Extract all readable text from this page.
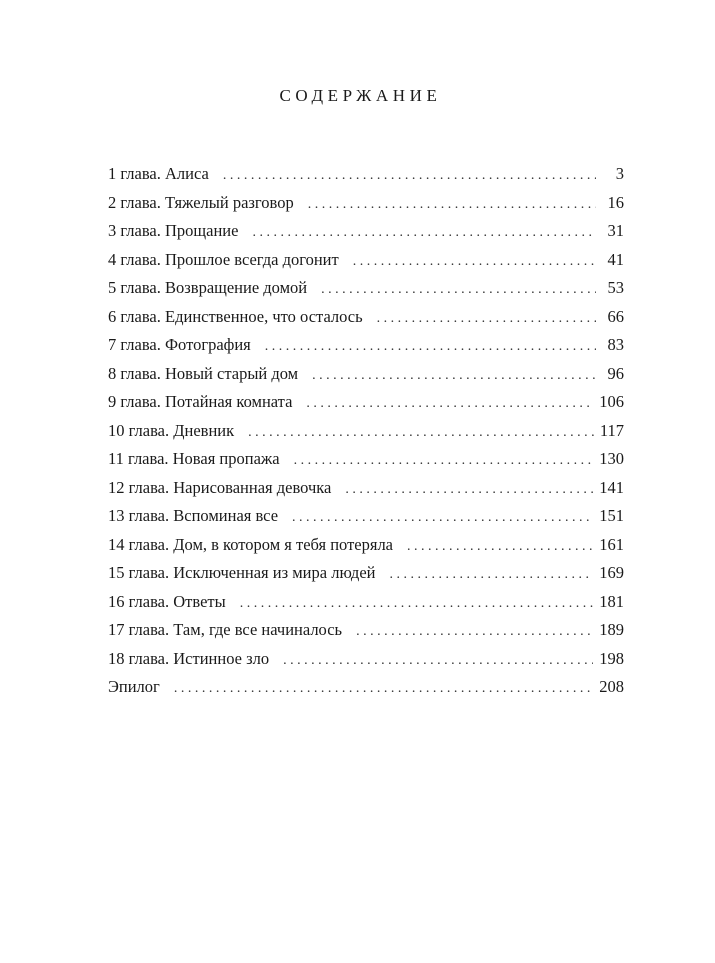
СОДЕРЖАНИЕ
1 глава. Алиса . . .	3
2 глава. Тяжелый разговор . . .	16
3 глава. Прощание . . .	31
4 глава. Прошлое всегда догонит . . .	41
5 глава. Возвращение домой . . .	53
6 глава. Единственное, что осталось . . .	66
7 глава. Фотография . . .	83
8 глава. Новый старый дом . . .	96
9 глава. Потайная комната . . .	106
10 глава. Дневник . . .	117
11 глава. Новая пропажа . . .	130
12 глава. Нарисованная девочка . . .	141
13 глава. Вспоминая все . . .	151
14 глава. Дом, в котором я тебя потеряла . . .	161
15 глава. Исключенная из мира людей . . .	169
16 глава. Ответы . . .	181
17 глава. Там, где все начиналось . . .	189
18 глава. Истинное зло . . .	198
Эпилог . . .	208
